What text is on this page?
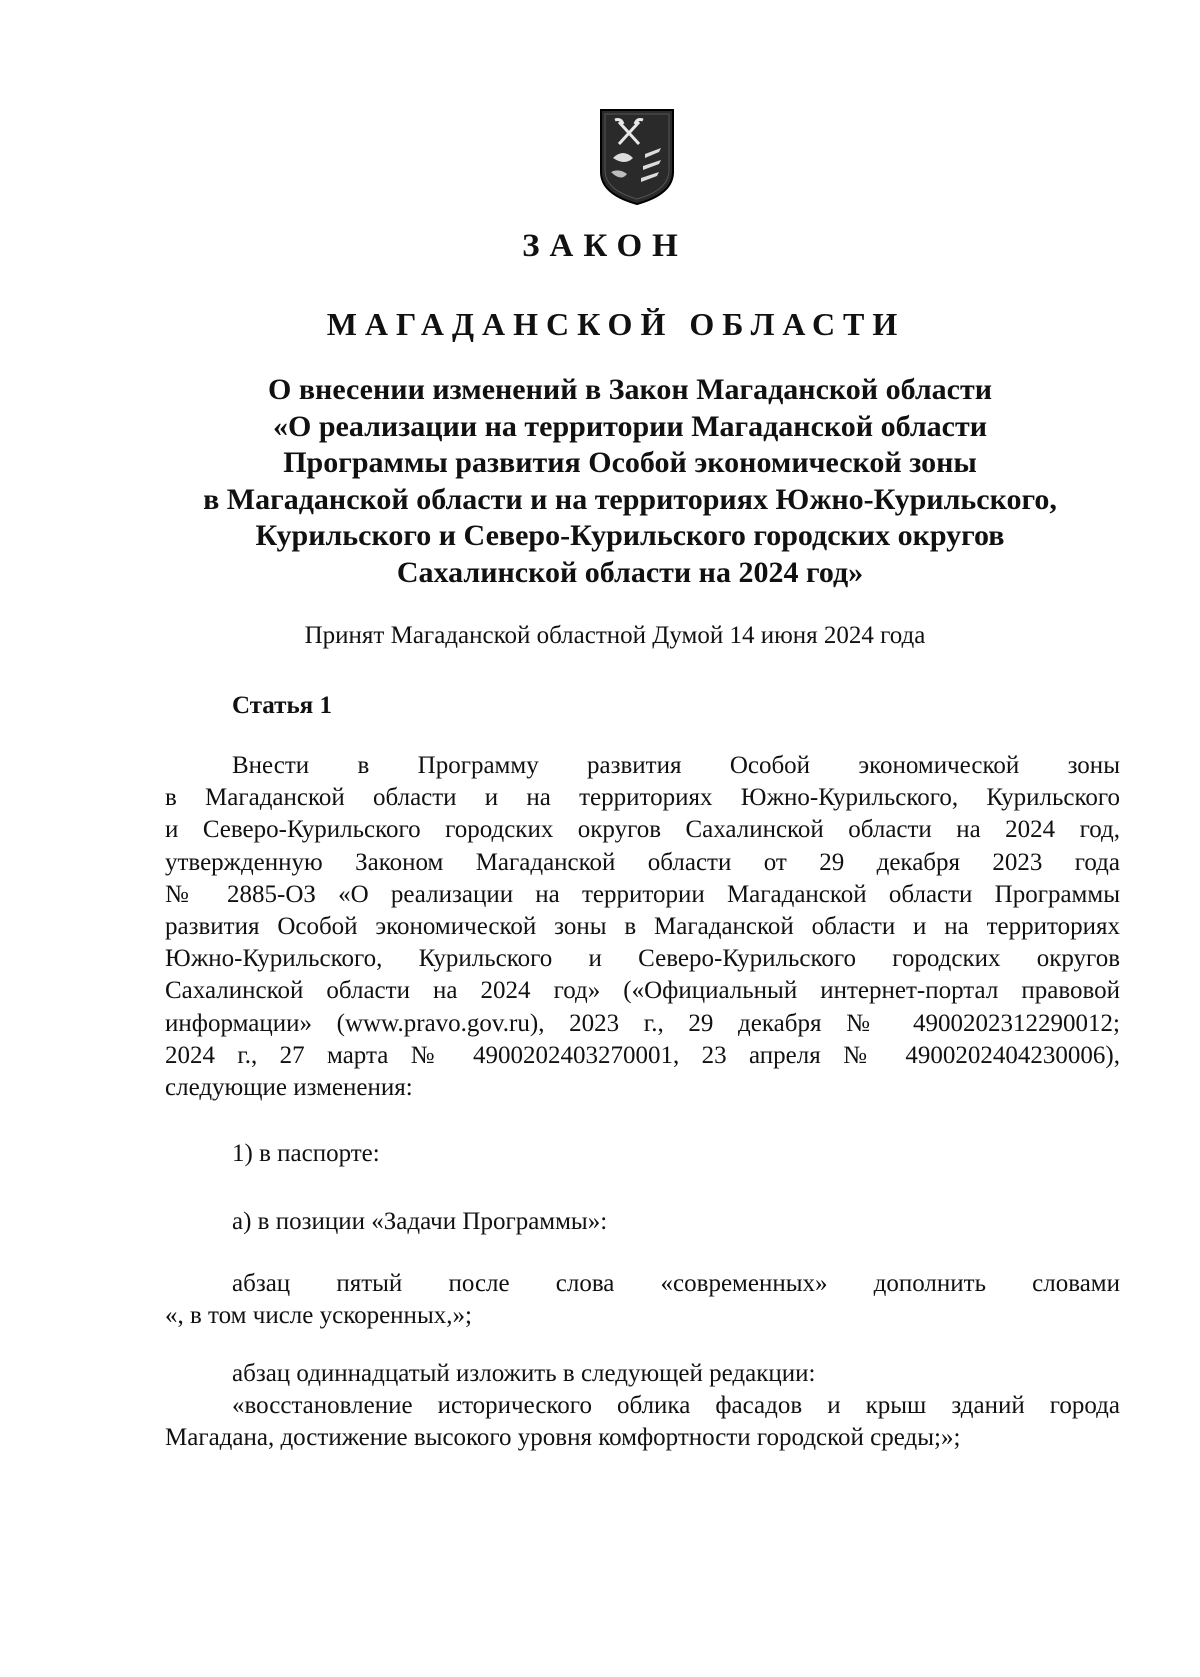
ЗАКОН
МАГАДАНСКОЙ ОБЛАСТИ
О внесении изменений в Закон Магаданской области
«О реализации на территории Магаданской области
Программы развития Особой экономической зоны
в Магаданской области и на территориях Южно-Курильского,
Курильского и Северо-Курильского городских округов
Сахалинской области на 2024 год»
Принят Магаданской областной Думой 14 июня 2024 года
Статья 1
Внести в Программу развития Особой экономической зоны
в Магаданской области и на территориях Южно-Курильского, Курильского
и Северо-Курильского городских округов Сахалинской области на 2024 год,
утвержденную Законом Магаданской области от 29 декабря 2023 года
№ 2885-ОЗ «О реализации на территории Магаданской области Программы
развития Особой экономической зоны в Магаданской области и на территориях
Южно-Курильского, Курильского и Северо-Курильского городских округов
Сахалинской области на 2024 год» («Официальный интернет-портал правовой
информации» (www.pravo.gov.ru), 2023 г., 29 декабря № 4900202312290012;
2024 г., 27 марта № 4900202403270001, 23 апреля № 4900202404230006),
следующие изменения:
1) в паспорте:
а) в позиции «Задачи Программы»:
абзац пятый после слова «современных» дополнить словами
«, в том числе ускоренных,»;
абзац одиннадцатый изложить в следующей редакции:
«восстановление исторического облика фасадов и крыш зданий города
Магадана, достижение высокого уровня комфортности городской среды;»;
